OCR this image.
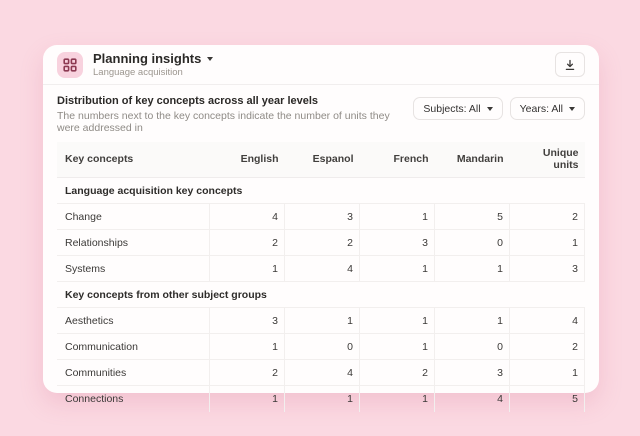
Planning insights
Language acquisition
Distribution of key concepts across all year levels
The numbers next to the key concepts indicate the number of units they were addressed in
Subjects: All	Years: All
Key concepts	English	Espanol	French	Mandarin	Unique units
Language acquisition key concepts					
Change	4	3	1	5	2
Relationships	2	2	3	0	1
Systems	1	4	1	1	3
Key concepts from other subject groups					
Aesthetics	3	1	1	1	4
Communication	1	0	1	0	2
Communities	2	4	2	3	1
Connections	1	1	1	4	5
